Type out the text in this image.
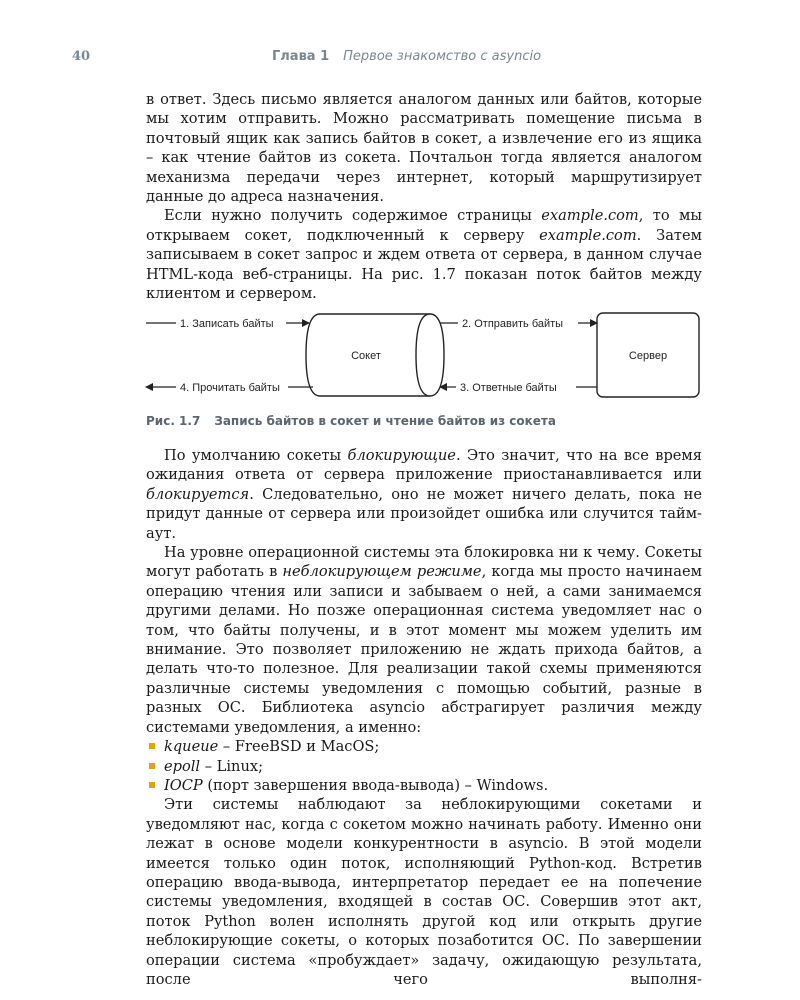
40	Глава 1 Первое знакомство с asyncio

в ответ. Здесь письмо является аналогом данных или байтов, которые мы хотим отправить. Можно рассматривать помещение письма в почтовый ящик как запись байтов в сокет, а извлечение его из ящика – как чтение байтов из сокета. Почтальон тогда является аналогом механизма передачи через интернет, который маршрутизирует данные до адреса назначения.

Если нужно получить содержимое страницы example.com, то мы открываем сокет, подключенный к серверу example.com. Затем записываем в сокет запрос и ждем ответа от сервера, в данном случае HTML-кода веб-страницы. На рис. 1.7 показан поток байтов между клиентом и сервером.

1. Записать байты	2. Отправить байты
3. Ответные байты
4. Прочитать байты
Сокет	Сервер
Рис. 1.7 Запись байтов в сокет и чтение байтов из сокета

По умолчанию сокеты блокирующие. Это значит, что на все время ожидания ответа от сервера приложение приостанавливается или блокируется. Следовательно, оно не может ничего делать, пока не придут данные от сервера или произойдет ошибка или случится тайм-аут.

На уровне операционной системы эта блокировка ни к чему. Сокеты могут работать в неблокирующем режиме, когда мы просто начинаем операцию чтения или записи и забываем о ней, а сами занимаемся другими делами. Но позже операционная система уведомляет нас о том, что байты получены, и в этот момент мы можем уделить им внимание. Это позволяет приложению не ждать прихода байтов, а делать что-то полезное. Для реализации такой схемы применяются различные системы уведомления с помощью событий, разные в разных ОС. Библиотека asyncio абстрагирует различия между системами уведомления, а именно:

kqueue – FreeBSD и MacOS;
epoll – Linux;
IOCP (порт завершения ввода-вывода) – Windows.

Эти системы наблюдают за неблокирующими сокетами и уведомляют нас, когда с сокетом можно начинать работу. Именно они лежат в основе модели конкурентности в asyncio. В этой модели имеется только один поток, исполняющий Python-код. Встретив операцию ввода-вывода, интерпретатор передает ее на попечение системы уведомления, входящей в состав ОС. Совершив этот акт, поток Python волен исполнять другой код или открыть другие неблокирующие сокеты, о которых позаботится ОС. По завершении операции система «пробуждает» задачу, ожидающую результата, после чего выполня-
